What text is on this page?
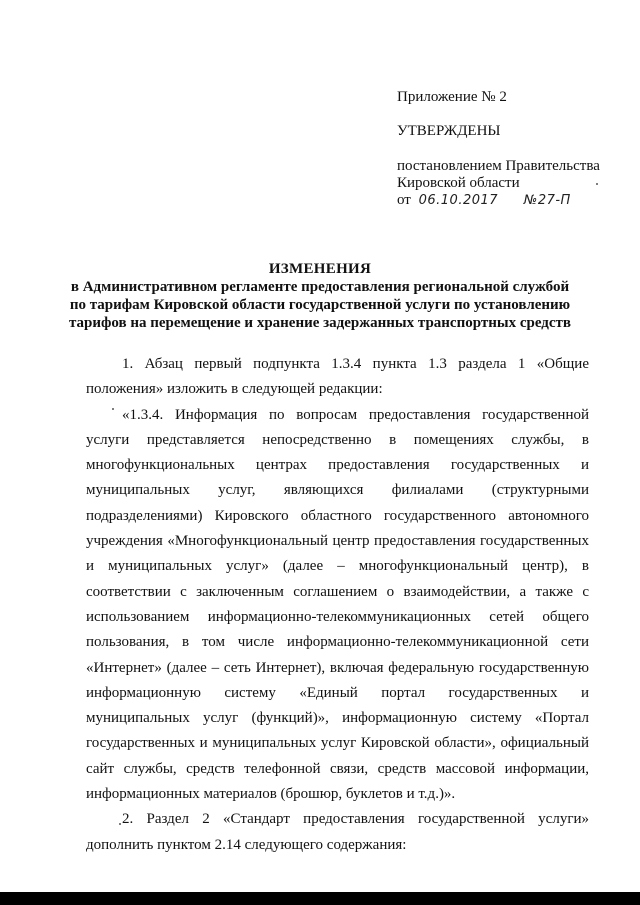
Приложение № 2
УТВЕРЖДЕНЫ
постановлением Правительства
Кировской области
от 06.10.2017 №27-П
ИЗМЕНЕНИЯ
в Административном регламенте предоставления региональной службой
по тарифам Кировской области государственной услуги по установлению
тарифов на перемещение и хранение задержанных транспортных средств

1. Абзац первый подпункта 1.3.4 пункта 1.3 раздела 1 «Общие положения» изложить в следующей редакции:

«1.3.4. Информация по вопросам предоставления государственной услуги представляется непосредственно в помещениях службы, в многофункциональных центрах предоставления государственных и муниципальных услуг, являющихся филиалами (структурными подразделениями) Кировского областного государственного автономного учреждения «Многофункциональный центр предоставления государственных и муниципальных услуг» (далее – многофункциональный центр), в соответствии с заключенным соглашением о взаимодействии, а также с использованием информационно-телекоммуникационных сетей общего пользования, в том числе информационно-телекоммуникационной сети «Интернет» (далее – сеть Интернет), включая федеральную государственную информационную систему «Единый портал государственных и муниципальных услуг (функций)», информационную систему «Портал государственных и муниципальных услуг Кировской области», официальный сайт службы, средств телефонной связи, средств массовой информации, информационных материалов (брошюр, буклетов и т.д.)».

2. Раздел 2 «Стандарт предоставления государственной услуги» дополнить пунктом 2.14 следующего содержания:
